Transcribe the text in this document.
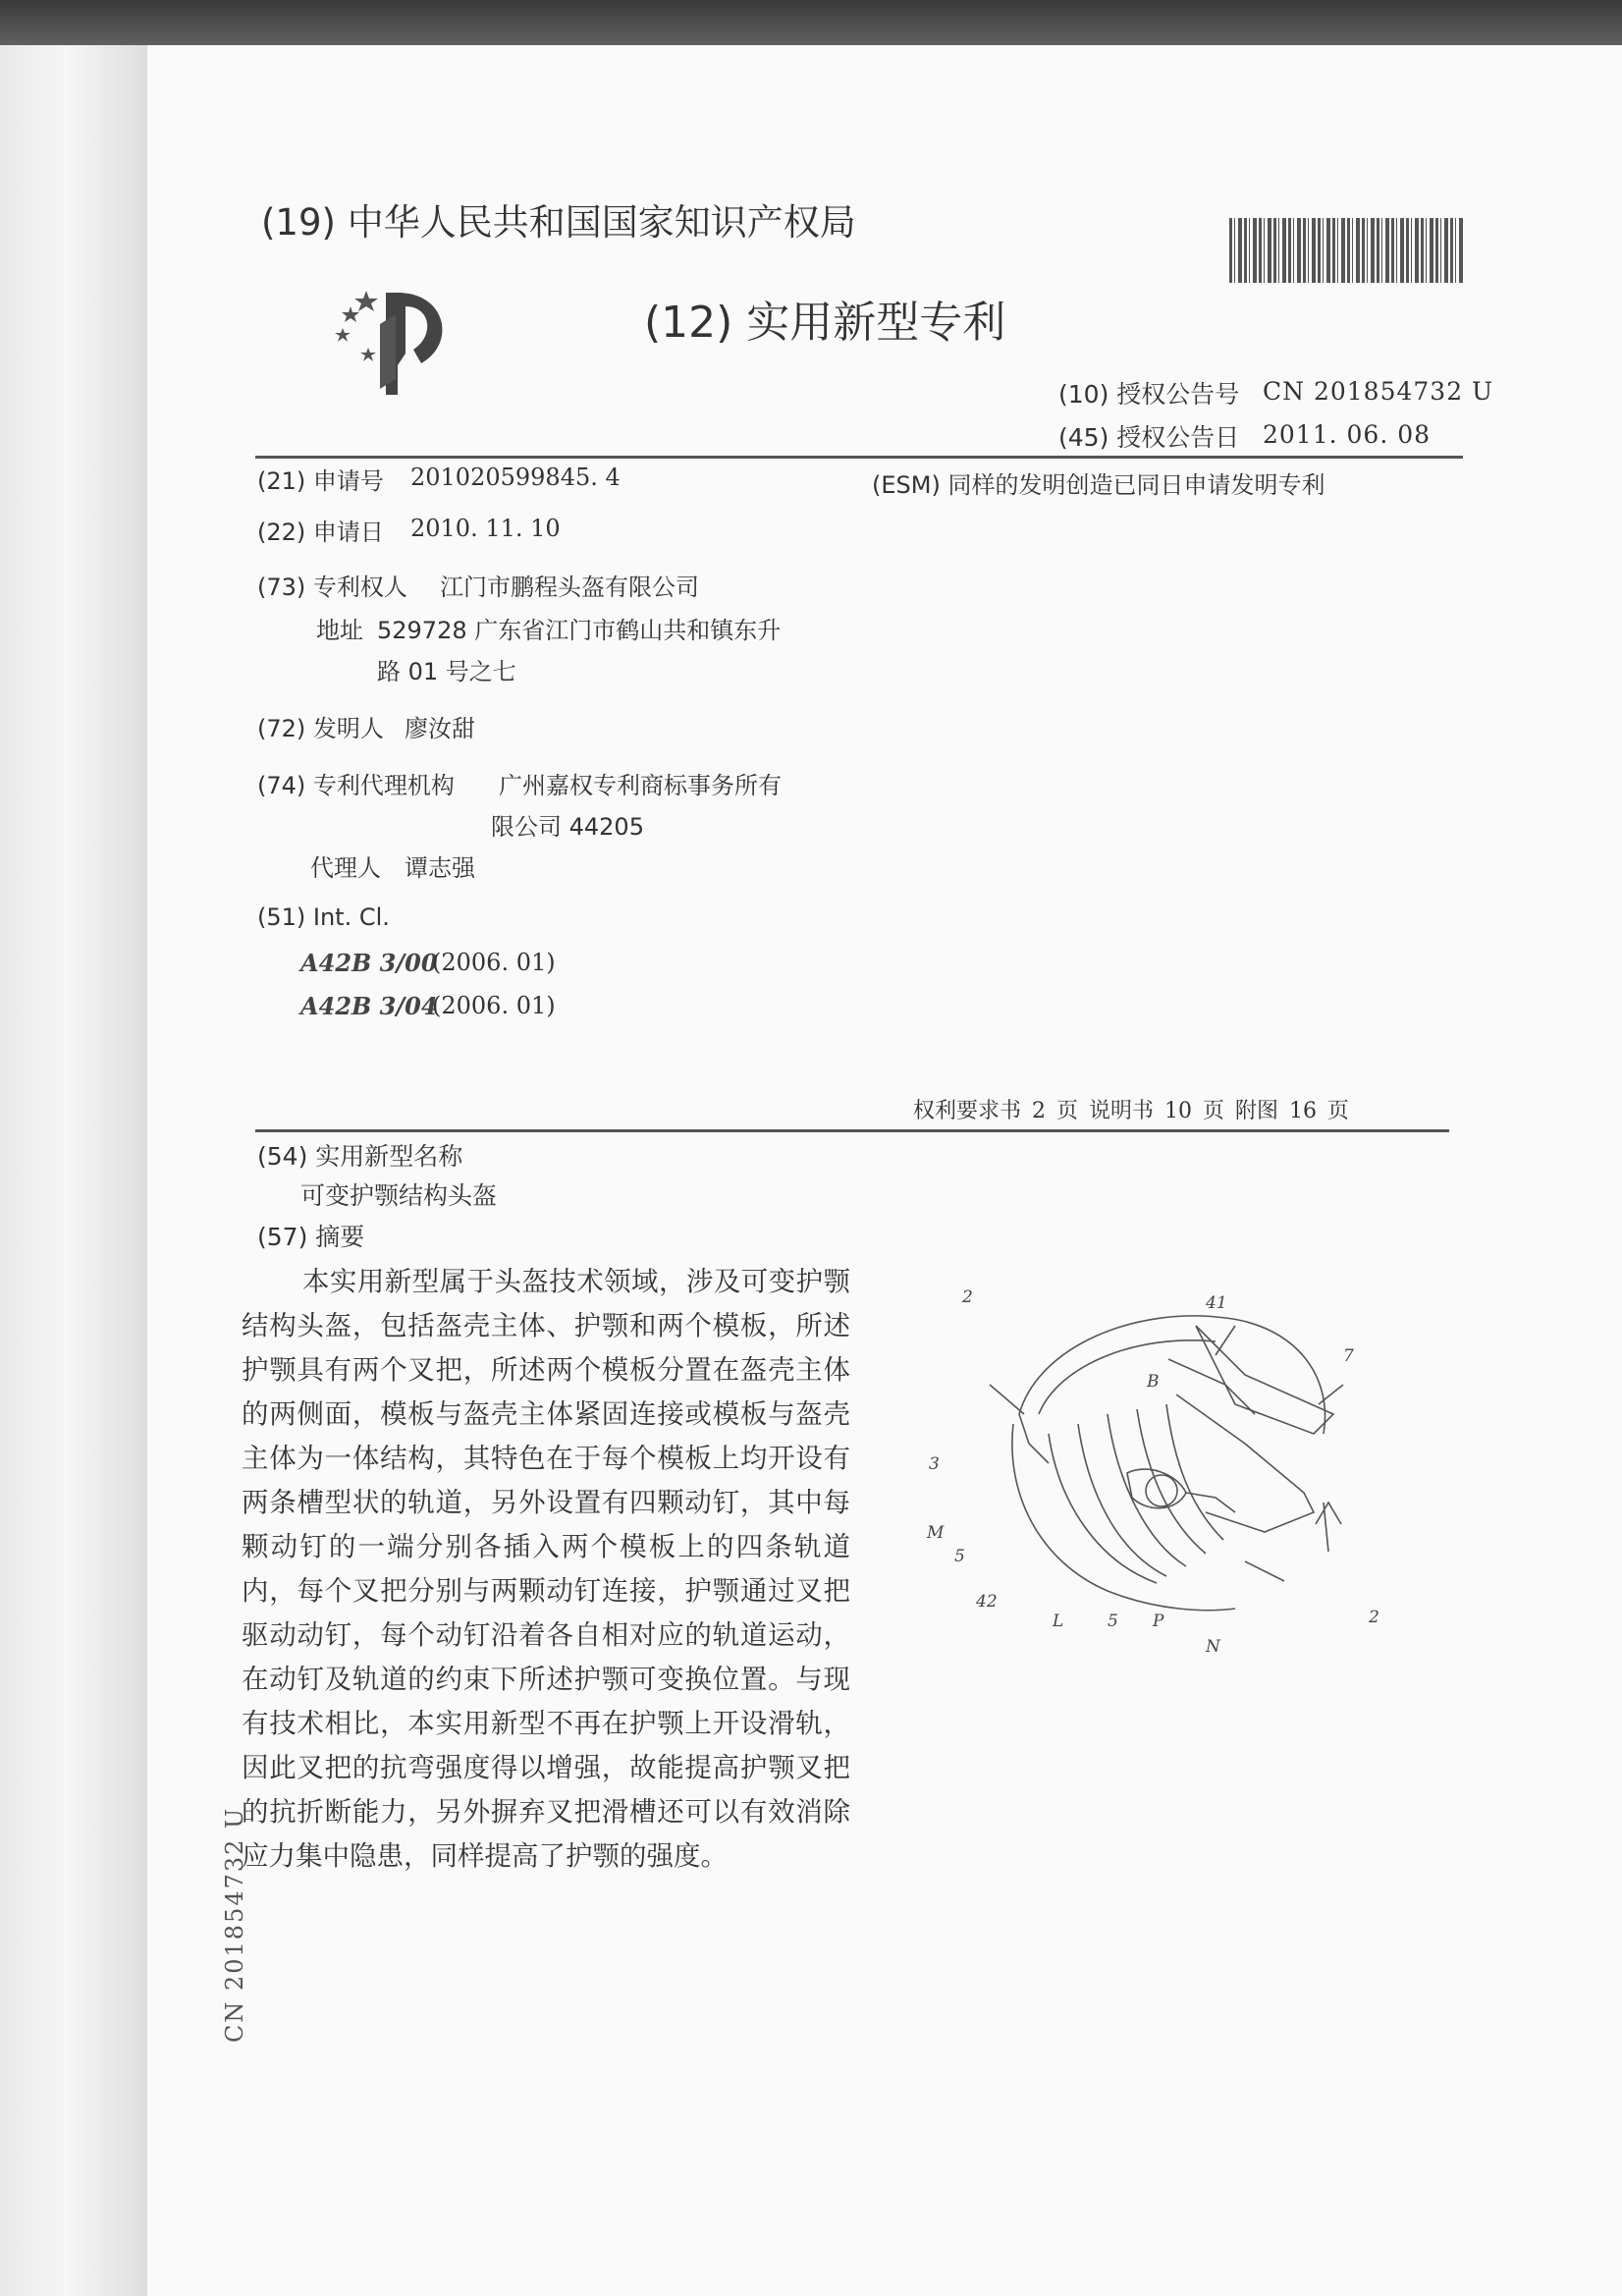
(19) 中华人民共和国国家知识产权局
(12) 实用新型专利
(10) 授权公告号 CN 201854732 U
(45) 授权公告日 2011. 06. 08
(21) 申请号 201020599845. 4	(ESM) 同样的发明创造已同日申请发明专利
(22) 申请日 2010. 11. 10
(73) 专利权人 江门市鹏程头盔有限公司
地址 529728 广东省江门市鹤山共和镇东升
路 01 号之七
(72) 发明人 廖汝甜
(74) 专利代理机构 广州嘉权专利商标事务所有
限公司 44205
代理人 谭志强
(51) Int. Cl.
A42B 3/00
(2006. 01)
A42B 3/04
(2006. 01)
权利要求书 2 页 说明书 10 页 附图 16 页
(54) 实用新型名称
可变护颚结构头盔
(57) 摘要

本实用新型属于头盔技术领域，涉及可变护颚结构头盔，包括盔壳主体、护颚和两个模板，所述护颚具有两个叉把，所述两个模板分置在盔壳主体的两侧面，模板与盔壳主体紧固连接或模板与盔壳主体为一体结构，其特色在于每个模板上均开设有两条槽型状的轨道，另外设置有四颗动钉，其中每颗动钉的一端分别各插入两个模板上的四条轨道内，每个叉把分别与两颗动钉连接，护颚通过叉把驱动动钉，每个动钉沿着各自相对应的轨道运动，在动钉及轨道的约束下所述护颚可变换位置。与现有技术相比，本实用新型不再在护颚上开设滑轨，因此叉把的抗弯强度得以增强，故能提高护颚叉把的抗折断能力，另外摒弃叉把滑槽还可以有效消除应力集中隐患，同样提高了护颚的强度。

2	41
B
7
3
M
5
42
L	5 P
N
2
CN 201854732 U
